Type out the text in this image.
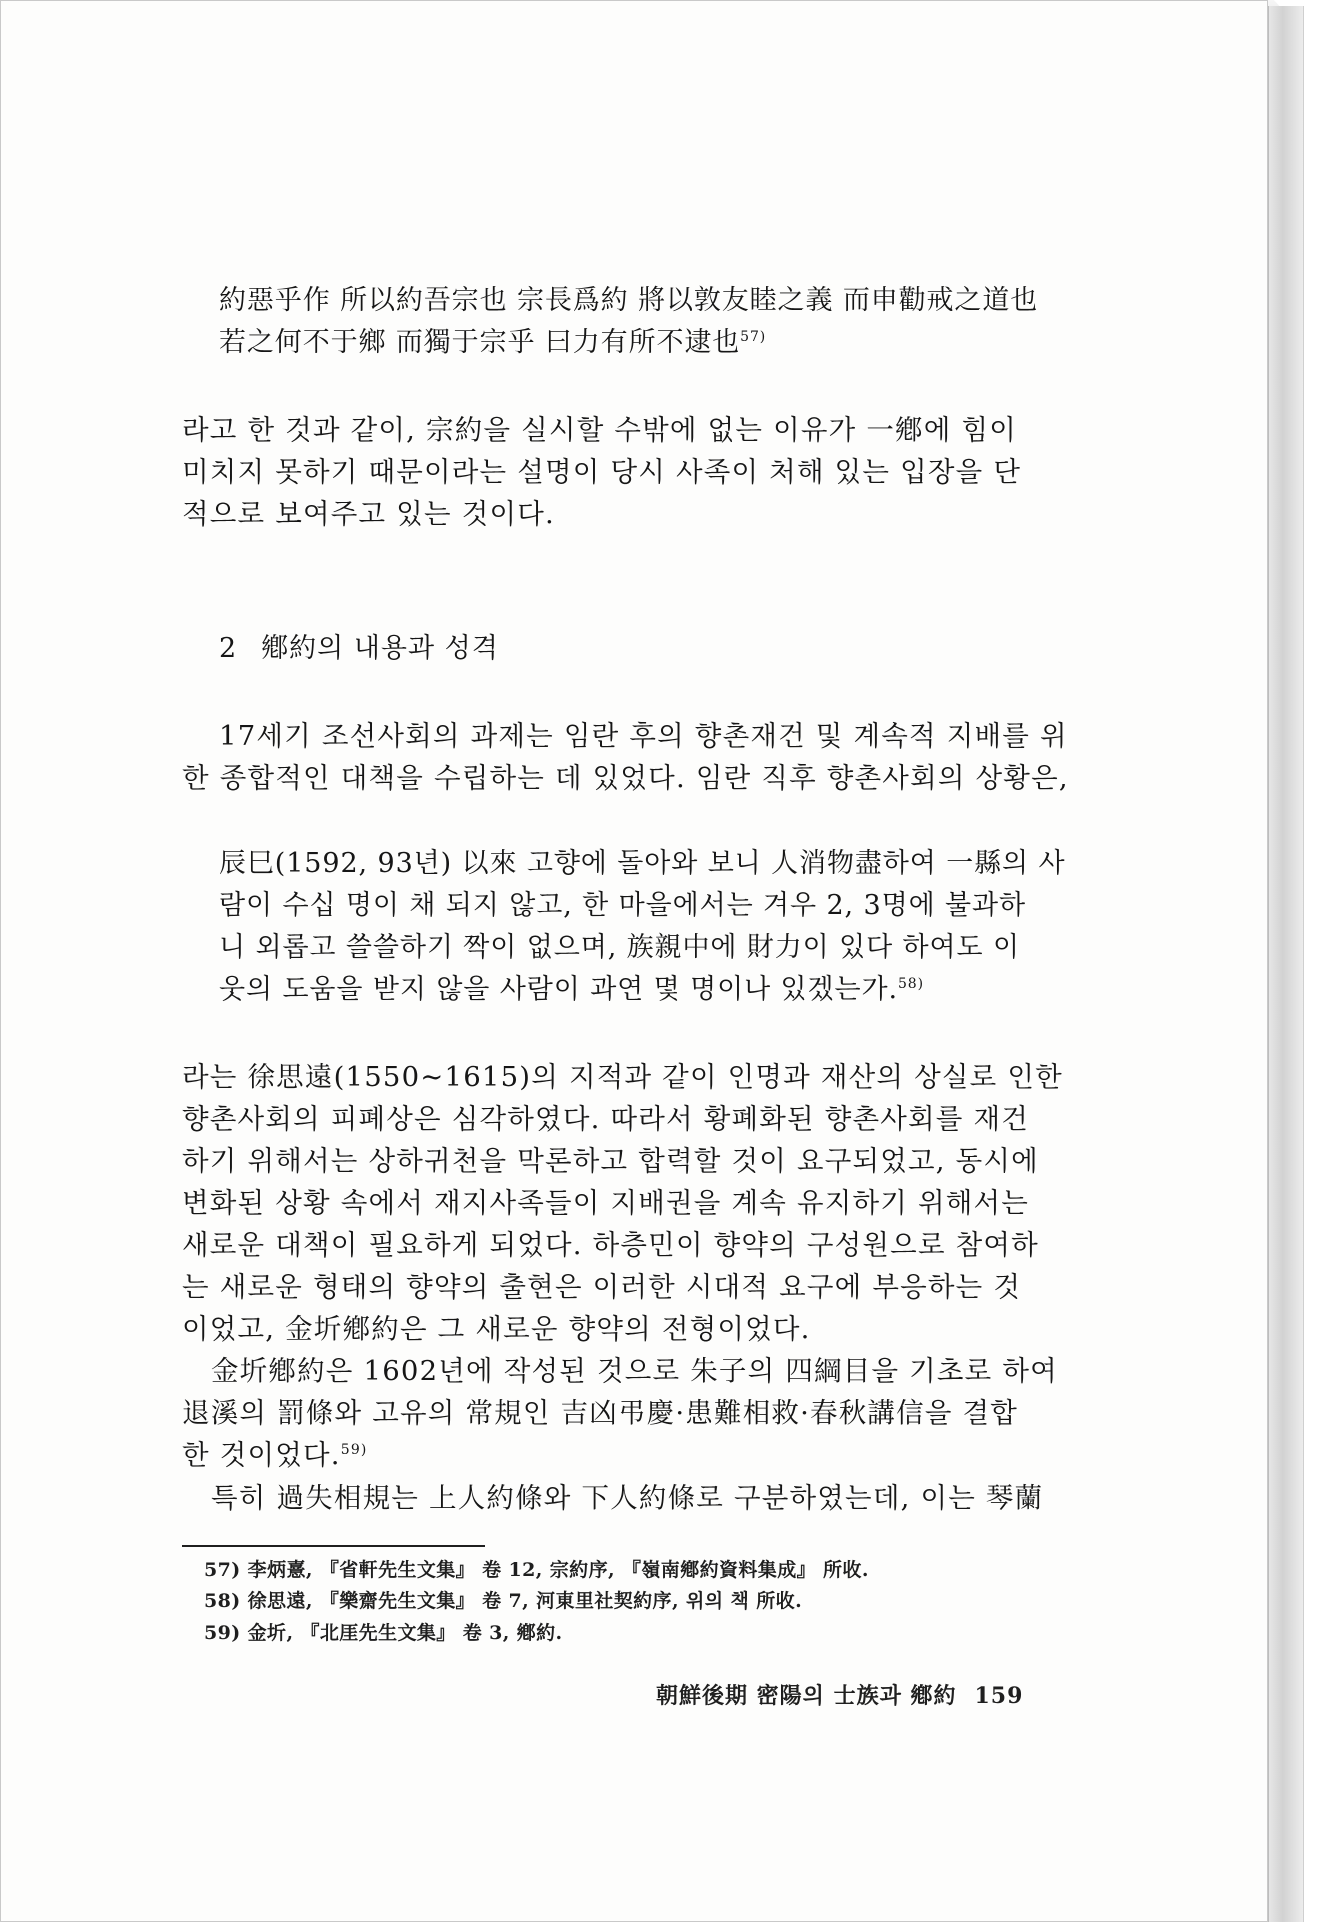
約惡乎作 所以約吾宗也 宗長爲約 將以敦友睦之義 而申勸戒之道也

若之何不于鄉 而獨于宗乎 曰力有所不逮也$^{57)}$

라고 한 것과 같이, 宗約을 실시할 수밖에 없는 이유가 一鄕에 힘이

미치지 못하기 때문이라는 설명이 당시 사족이 처해 있는 입장을 단

적으로 보여주고 있는 것이다.

2 鄕約의 내용과 성격

17세기 조선사회의 과제는 임란 후의 향촌재건 및 계속적 지배를 위

한 종합적인 대책을 수립하는 데 있었다. 임란 직후 향촌사회의 상황은,

辰巳(1592, 93년) 以來 고향에 돌아와 보니 人消物盡하여 一縣의 사

람이 수십 명이 채 되지 않고, 한 마을에서는 겨우 2, 3명에 불과하

니 외롭고 쓸쓸하기 짝이 없으며, 族親中에 財力이 있다 하여도 이

웃의 도움을 받지 않을 사람이 과연 몇 명이나 있겠는가.$^{58)}$

라는 徐思遠(1550∼1615)의 지적과 같이 인명과 재산의 상실로 인한

향촌사회의 피폐상은 심각하였다. 따라서 황폐화된 향촌사회를 재건

하기 위해서는 상하귀천을 막론하고 합력할 것이 요구되었고, 동시에

변화된 상황 속에서 재지사족들이 지배권을 계속 유지하기 위해서는

새로운 대책이 필요하게 되었다. 하층민이 향약의 구성원으로 참여하

는 새로운 형태의 향약의 출현은 이러한 시대적 요구에 부응하는 것

이었고, 金圻鄕約은 그 새로운 향약의 전형이었다.

金圻鄕約은 1602년에 작성된 것으로 朱子의 四綱目을 기초로 하여

退溪의 罰條와 고유의 常規인 吉凶弔慶·患難相救·春秋講信을 결합

한 것이었다.$^{59)}$

특히 過失相規는 上人約條와 下人約條로 구분하였는데, 이는 琴蘭

57) 李炳憙, 『省軒先生文集』 卷 12, 宗約序, 『嶺南鄕約資料集成』 所收.

58) 徐思遠, 『樂齋先生文集』 卷 7, 河東里社契約序, 위의 책 所收.

59) 金圻, 『北厓先生文集』 卷 3, 鄕約.

朝鮮後期 密陽의 士族과 鄕約 159
